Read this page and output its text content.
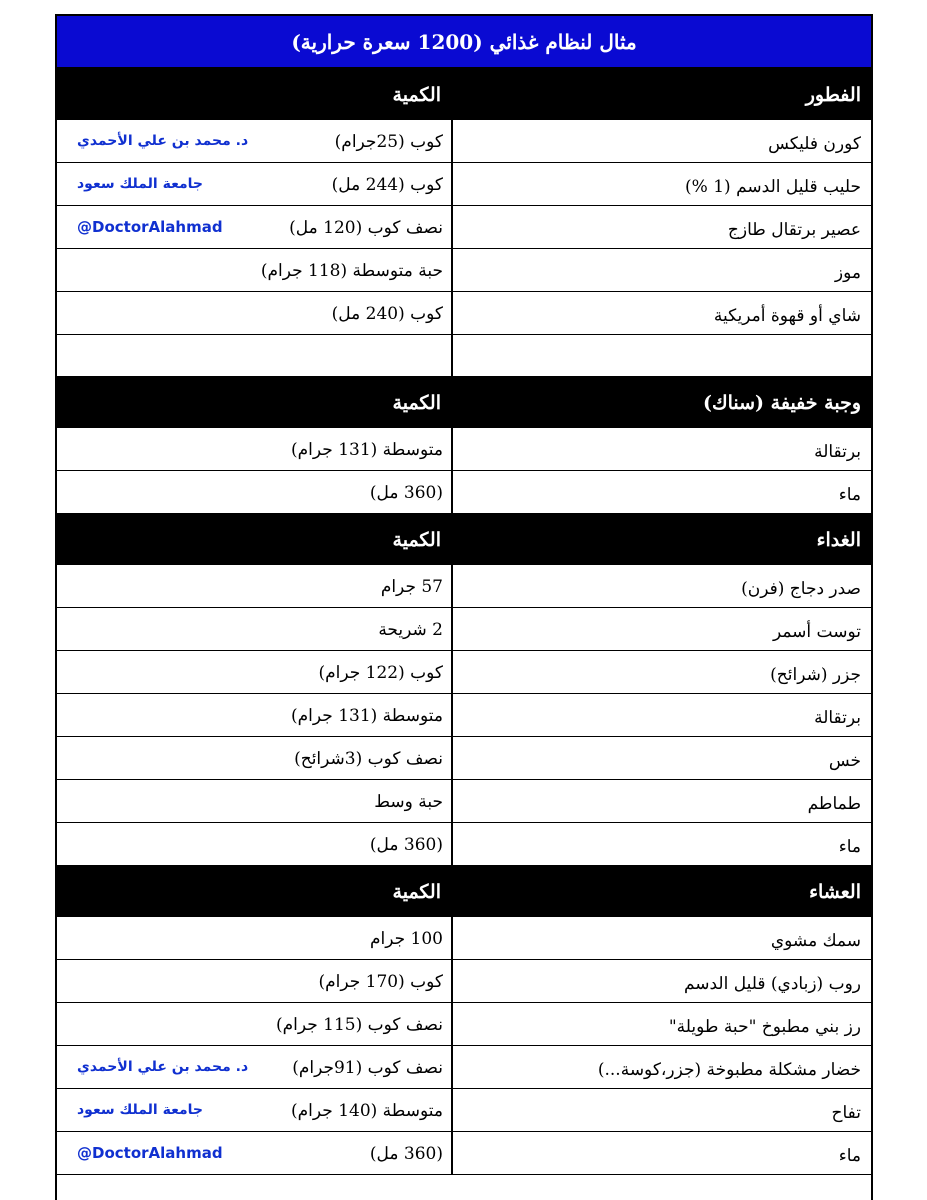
مثال لنظام غذائي (1200 سعرة حرارية)
الفطور
الكمية
كورن فليكس
كوب (25جرام)
د. محمد بن علي الأحمدي
حليب قليل الدسم (1 %)
كوب (244 مل)
جامعة الملك سعود
عصير برتقال طازج
نصف كوب (120 مل)
@DoctorAlahmad
موز
حبة متوسطة (118 جرام)
شاي أو قهوة أمريكية
كوب (240 مل)
وجبة خفيفة (سناك)
الكمية
برتقالة
متوسطة (131 جرام)
ماء
(360 مل)
الغداء
الكمية
صدر دجاج (فرن)
57 جرام
توست أسمر
2 شريحة
جزر (شرائح)
كوب (122 جرام)
برتقالة
متوسطة (131 جرام)
خس
نصف كوب (3شرائح)
طماطم
حبة وسط
ماء
(360 مل)
العشاء
الكمية
سمك مشوي
100 جرام
روب (زبادي) قليل الدسم
كوب (170 جرام)
رز بني مطبوخ "حبة طويلة"
نصف كوب (115 جرام)
خضار مشكلة مطبوخة (جزر،كوسة...)
نصف كوب (91جرام)
د. محمد بن علي الأحمدي
تفاح
متوسطة (140 جرام)
جامعة الملك سعود
ماء
(360 مل)
@DoctorAlahmad
